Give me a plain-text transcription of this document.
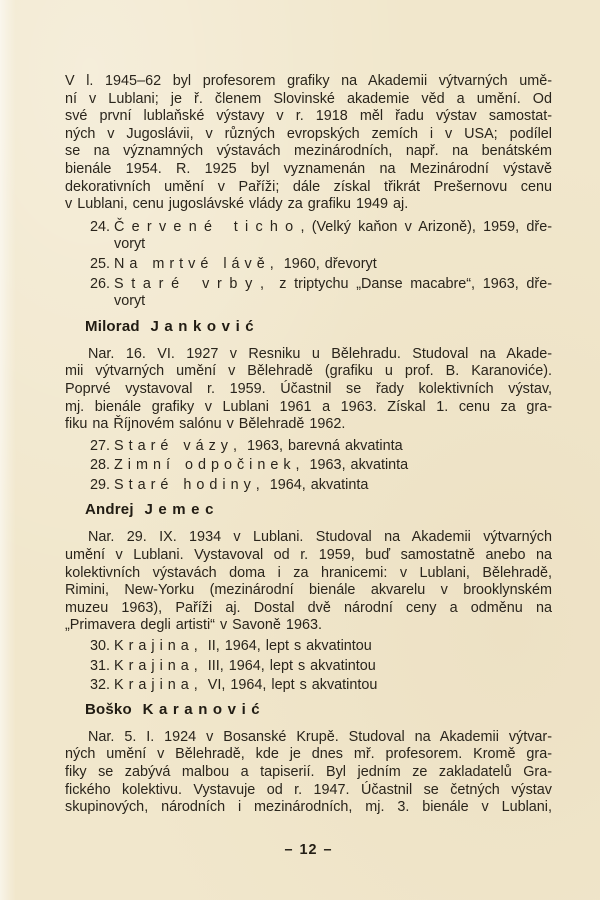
V l. 1945–62 byl profesorem grafiky na Akademii výtvarných umě-
ní v Lublani; je ř. členem Slovinské akademie věd a umění. Od
své první lublaňské výstavy v r. 1918 měl řadu výstav samostat-
ných v Jugoslávii, v různých evropských zemích i v USA; podílel
se na významných výstavách mezinárodních, např. na benátském
bienále 1954. R. 1925 byl vyznamenán na Mezinárodní výstavě
dekorativních umění v Paříži; dále získal třikrát Prešernovu cenu
v Lublani, cenu jugoslávské vlády za grafiku 1949 aj.
24. Č e r v e n é   t i c h o , (Velký kaňon v Arizoně), 1959, dře-
voryt
25. N a   m r t v é   l á v ě ,  1960, dřevoryt
26. S t a r é   v r b y ,  z triptychu „Danse macabre“, 1963, dře-
voryt
Milorad  J a n k o v i ć
Nar. 16. VI. 1927 v Resniku u Bělehradu. Studoval na Akade-
mii výtvarných umění v Bělehradě (grafiku u prof. B. Karanoviće).
Poprvé vystavoval r. 1959. Účastnil se řady kolektivních výstav,
mj. bienále grafiky v Lublani 1961 a 1963. Získal 1. cenu za gra-
fiku na Říjnovém salónu v Bělehradě 1962.
27. S t a r é   v á z y ,  1963, barevná akvatinta
28. Z i m n í   o d p o č i n e k ,  1963, akvatinta
29. S t a r é   h o d i n y ,  1964, akvatinta
Andrej  J e m e c
Nar. 29. IX. 1934 v Lublani. Studoval na Akademii výtvarných
umění v Lublani. Vystavoval od r. 1959, buď samostatně anebo na
kolektivních výstavách doma i za hranicemi: v Lublani, Bělehradě,
Rimini, New-Yorku (mezinárodní bienále akvarelu v brooklynském
muzeu 1963), Paříži aj. Dostal dvě národní ceny a odměnu na
„Primavera degli artisti“ v Savoně 1963.
30. K r a j i n a ,  II, 1964, lept s akvatintou
31. K r a j i n a ,  III, 1964, lept s akvatintou
32. K r a j i n a ,  VI, 1964, lept s akvatintou
Boško  K a r a n o v i ć
Nar. 5. I. 1924 v Bosanské Krupě. Studoval na Akademii výtvar-
ných umění v Bělehradě, kde je dnes mř. profesorem. Kromě gra-
fiky se zabývá malbou a tapiserií. Byl jedním ze zakladatelů Gra-
fického kolektivu. Vystavuje od r. 1947. Účastnil se četných výstav
skupinových, národních i mezinárodních, mj. 3. bienále v Lublani,
– 12 –
